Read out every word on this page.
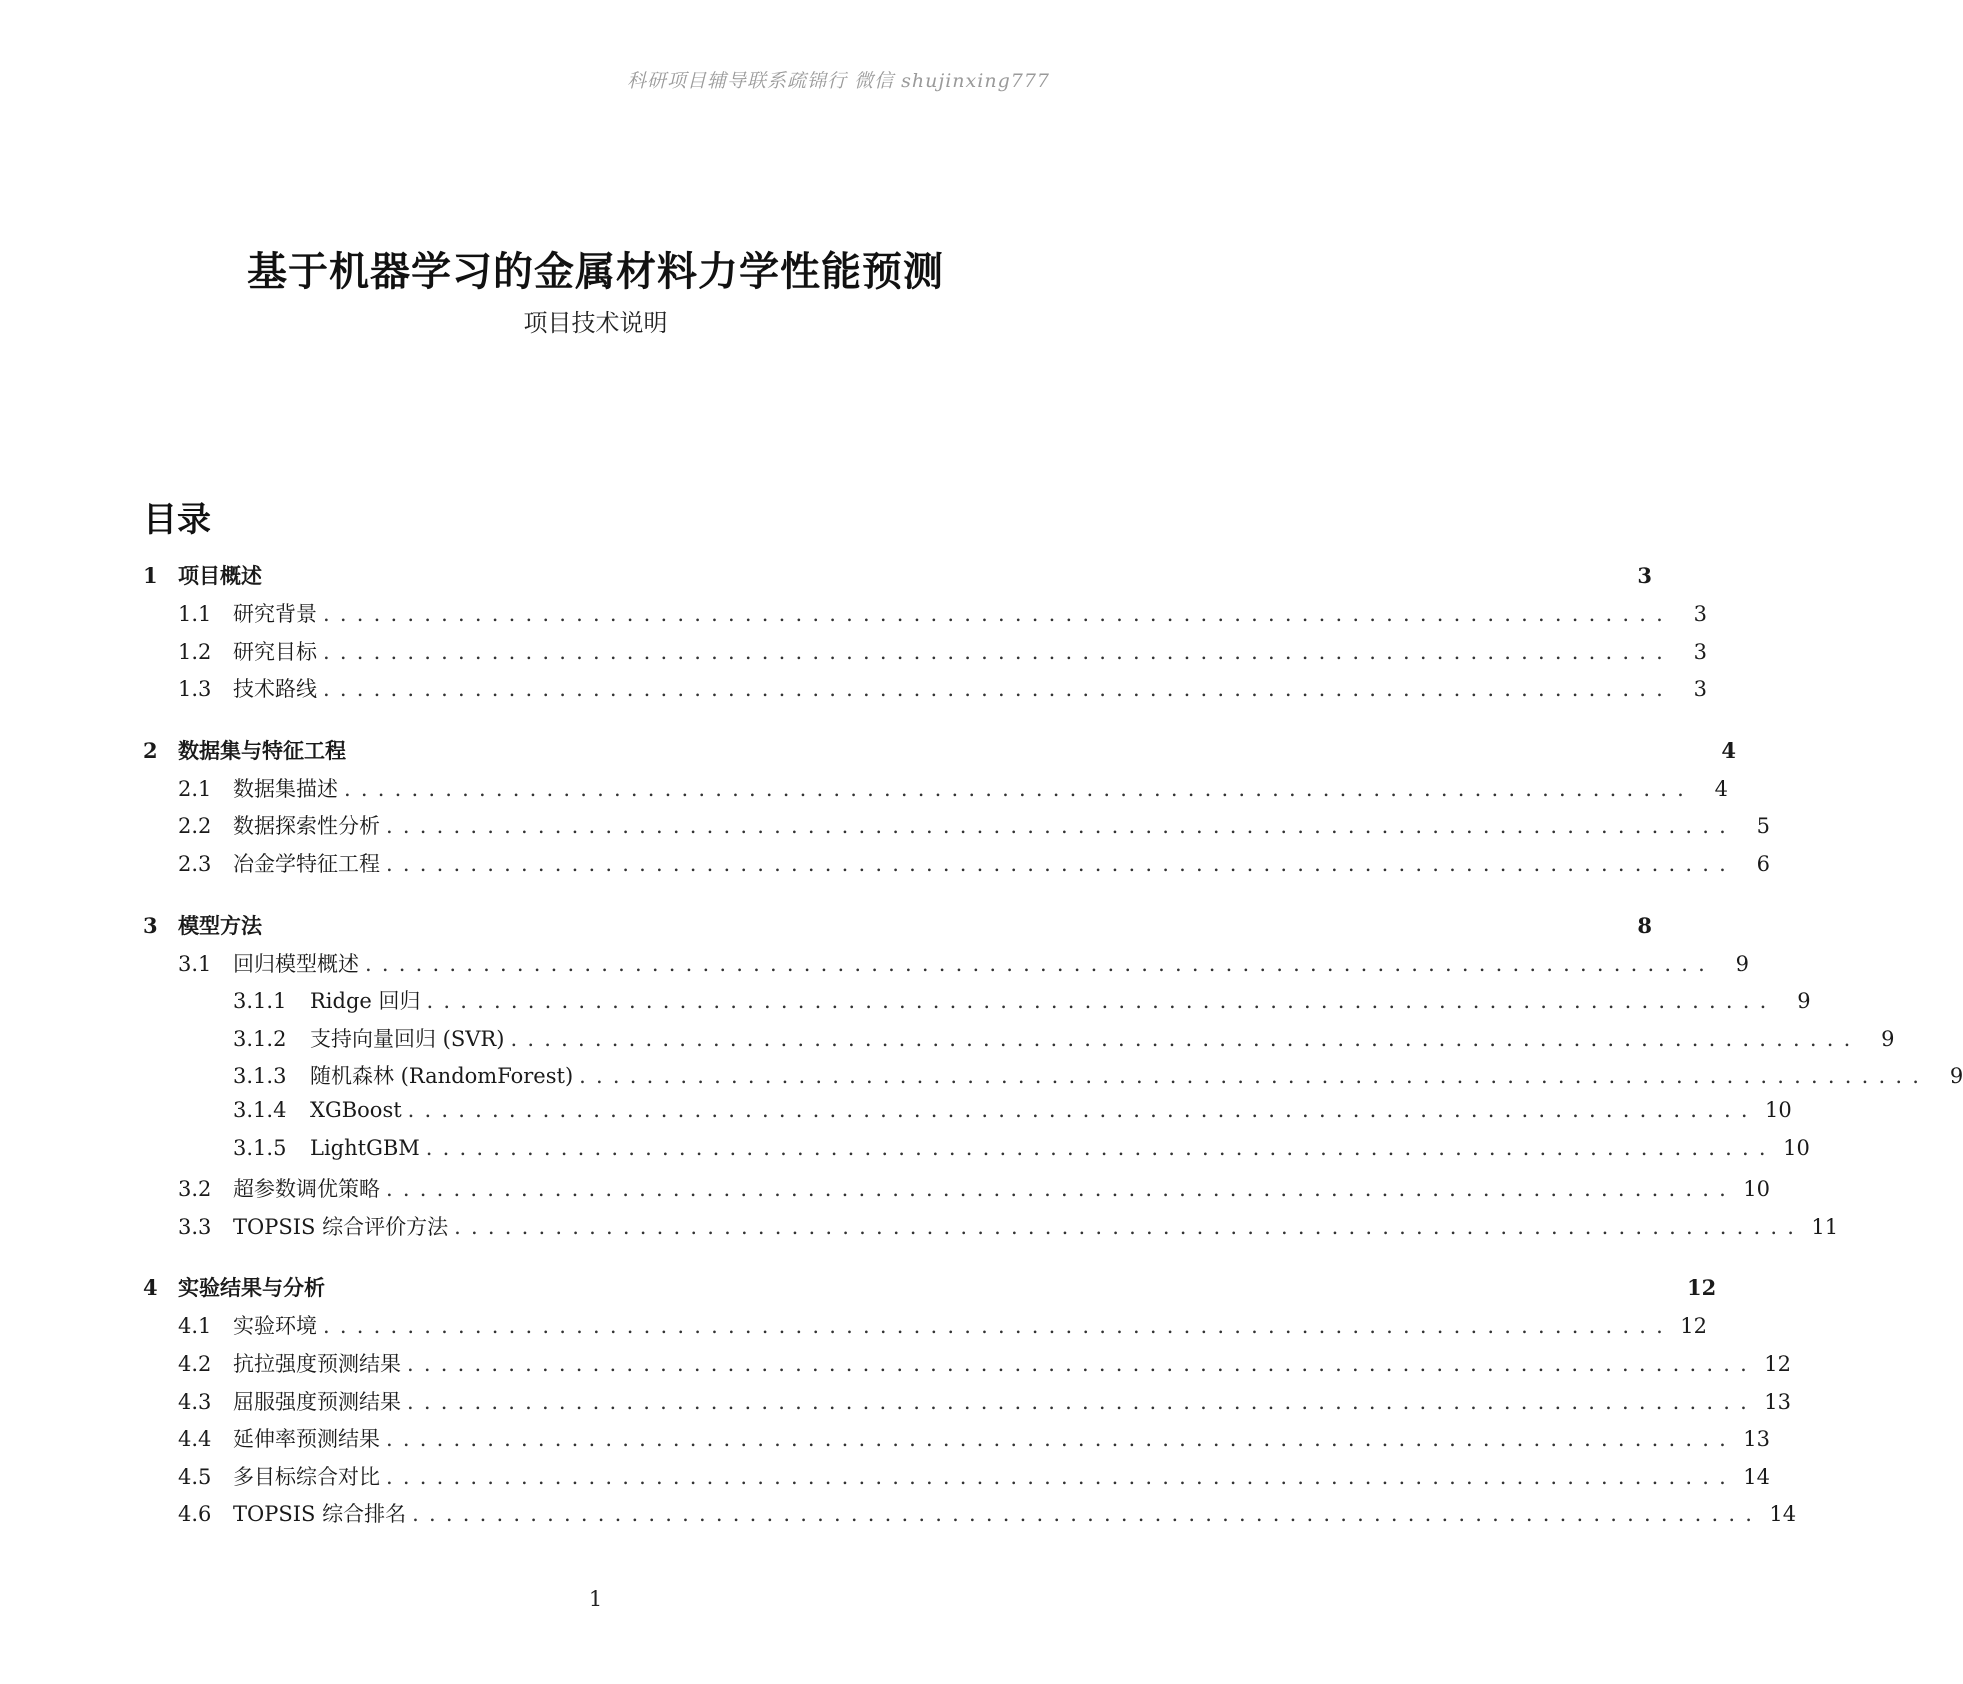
科研项目辅导联系疏锦行 微信 shujinxing777
基于机器学习的金属材料力学性能预测
项目技术说明
目录
1 项目概述	3
1.1	研究背景 ................................................................................ 3
1.2	研究目标 ................................................................................ 3
1.3	技术路线 ................................................................................ 3
2 数据集与特征工程	4
2.1	数据集描述 ................................................................................ 4
2.2	数据探索性分析 ................................................................................ 5
2.3	冶金学特征工程 ................................................................................ 6
3 模型方法	8
3.1	回归模型概述 ................................................................................ 9
3.1.1	Ridge 回归 ................................................................................ 9
3.1.2	支持向量回归 (SVR) ................................................................................ 9
3.1.3	随机森林 (RandomForest) ................................................................................ 9
3.1.4	XGBoost ................................................................................ 10
3.1.5	LightGBM ................................................................................ 10
3.2	超参数调优策略 ................................................................................ 10
3.3	TOPSIS 综合评价方法 ................................................................................ 11
4 实验结果与分析	12
4.1	实验环境 ................................................................................ 12
4.2	抗拉强度预测结果 ................................................................................ 12
4.3	屈服强度预测结果 ................................................................................ 13
4.4	延伸率预测结果 ................................................................................ 13
4.5	多目标综合对比 ................................................................................ 14
4.6	TOPSIS 综合排名 ................................................................................ 14
1
